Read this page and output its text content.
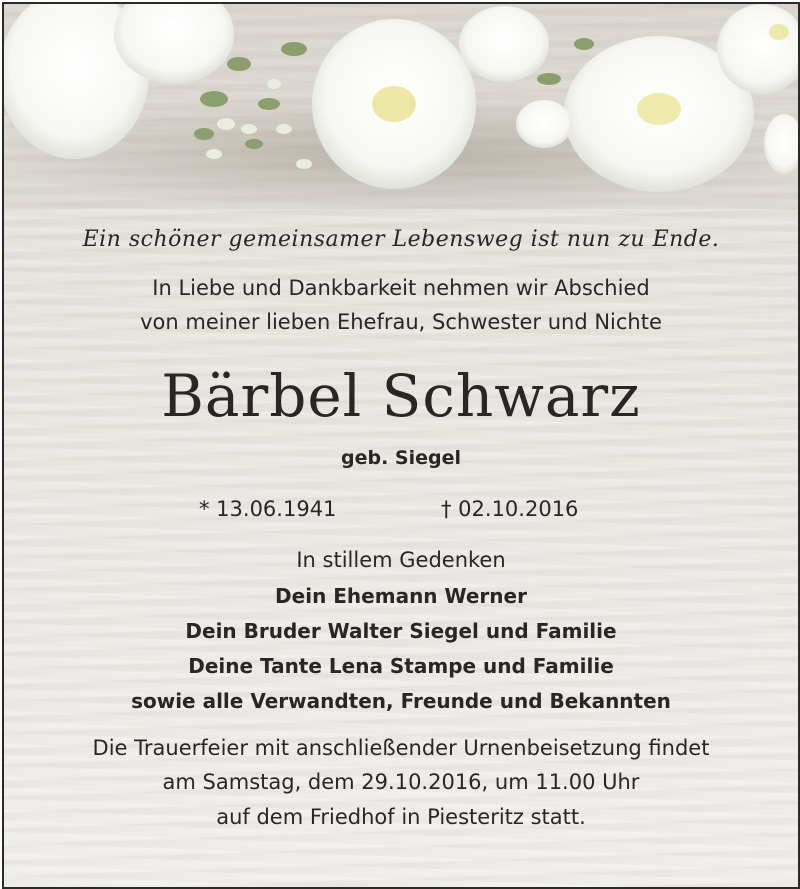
Ein schöner gemeinsamer Lebensweg ist nun zu Ende.
In Liebe und Dankbarkeit nehmen wir Abschied
von meiner lieben Ehefrau, Schwester und Nichte
Bärbel Schwarz
geb. Siegel
* 13.06.1941	† 02.10.2016
In stillem Gedenken
Dein Ehemann Werner
Dein Bruder Walter Siegel und Familie
Deine Tante Lena Stampe und Familie
sowie alle Verwandten, Freunde und Bekannten
Die Trauerfeier mit anschließender Urnenbeisetzung findet
am Samstag, dem 29.10.2016, um 11.00 Uhr
auf dem Friedhof in Piesteritz statt.
